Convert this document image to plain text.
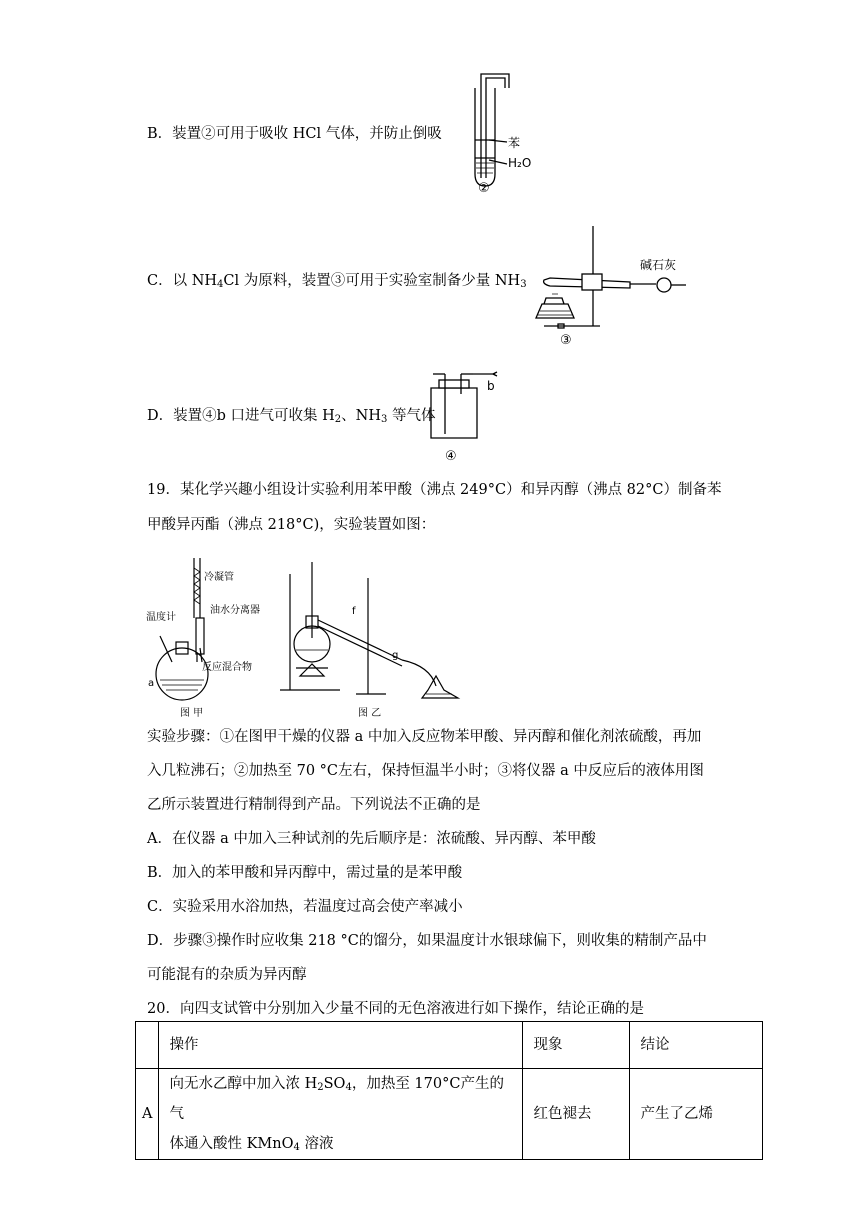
B．装置②可用于吸收 HCl 气体，并防止倒吸
苯
H₂O
②
C．以 $NH_4Cl$ 为原料，装置③可用于实验室制备少量 $NH_3$
碱石灰
③
D．装置④b 口进气可收集 $H_2$、$NH_3$ 等气体
b
④
19．某化学兴趣小组设计实验利用苯甲酸（沸点 249°C）和异丙醇（沸点 82°C）制备苯
甲酸异丙酯（沸点 218°C)，实验装置如图：
冷凝管
油水分离器
温度计
反应混合物
a
图 甲
f
g
图 乙
实验步骤：①在图甲干燥的仪器 a 中加入反应物苯甲酸、异丙醇和催化剂浓硫酸，再加
入几粒沸石；②加热至 70 °C左右，保持恒温半小时；③将仪器 a 中反应后的液体用图
乙所示装置进行精制得到产品。下列说法不正确的是
A．在仪器 a 中加入三种试剂的先后顺序是：浓硫酸、异丙醇、苯甲酸
B．加入的苯甲酸和异丙醇中，需过量的是苯甲酸
C．实验采用水浴加热，若温度过高会使产率减小
D．步骤③操作时应收集 218 °C的馏分，如果温度计水银球偏下，则收集的精制产品中
可能混有的杂质为异丙醇
20．向四支试管中分别加入少量不同的无色溶液进行如下操作，结论正确的是
	操作	现象	结论
A	向无水乙醇中加入浓 $H_2SO_4$，加热至 170°C产生的气
体通入酸性 KMnO$_4$ 溶液	红色褪去	产生了乙烯
